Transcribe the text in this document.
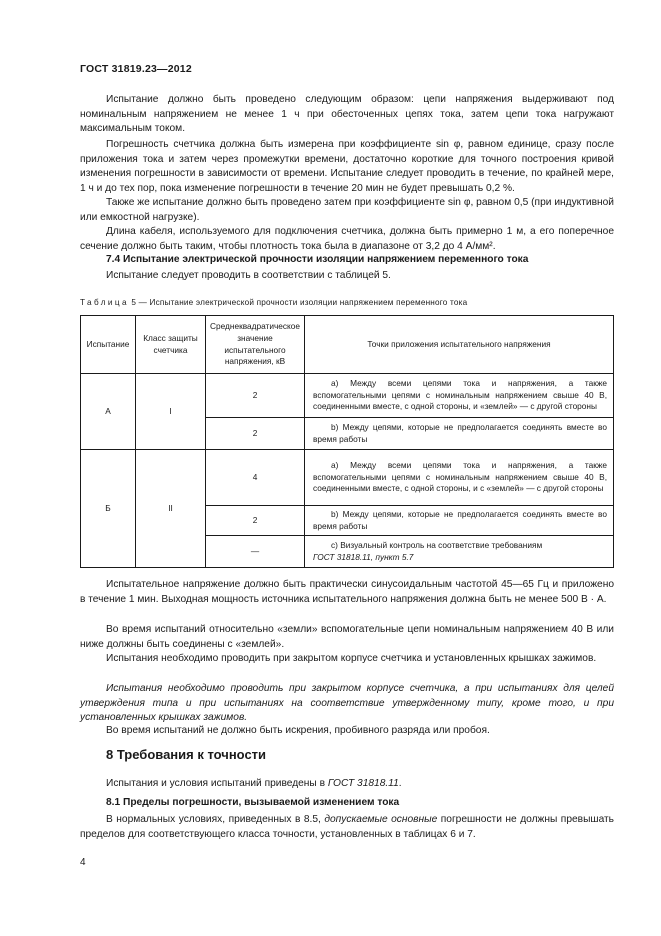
ГОСТ 31819.23—2012

Испытание должно быть проведено следующим образом: цепи напряжения выдерживают под номинальным напряжением не менее 1 ч при обесточенных цепях тока, затем цепи тока нагружают максимальным током.

Погрешность счетчика должна быть измерена при коэффициенте sin φ, равном единице, сразу после приложения тока и затем через промежутки времени, достаточно короткие для точного построения кривой изменения погрешности в зависимости от времени. Испытание следует проводить в течение, по крайней мере, 1 ч и до тех пор, пока изменение погрешности в течение 20 мин не будет превышать 0,2 %.

Также же испытание должно быть проведено затем при коэффициенте sin φ, равном 0,5 (при индуктивной или емкостной нагрузке).

Длина кабеля, используемого для подключения счетчика, должна быть примерно 1 м, а его поперечное сечение должно быть таким, чтобы плотность тока была в диапазоне от 3,2 до 4 А/мм².

7.4 Испытание электрической прочности изоляции напряжением переменного тока

Испытание следует проводить в соответствии с таблицей 5.

Таблица 5 — Испытание электрической прочности изоляции напряжением переменного тока
Испытание	Класс защиты счетчика	Среднеквадратическое значение испытательного напряжения, кВ	Точки приложения испытательного напряжения
А	I	2	а) Между всеми цепями тока и напряжения, а также вспомогательными цепями с номинальным напряжением свыше 40 В, соединенными вместе, с одной стороны, и «землей» — с другой стороны
		2	b) Между цепями, которые не предполагается соединять вместе во время работы
Б	II	4	а) Между всеми цепями тока и напряжения, а также вспомогательными цепями с номинальным напряжением свыше 40 В, соединенными вместе, с одной стороны, и с «землей» — с другой стороны
		2	b) Между цепями, которые не предполагается соединять вместе во время работы
		—	с) Визуальный контроль на соответствие требованиям
ГОСТ 31818.11, пункт 5.7

Испытательное напряжение должно быть практически синусоидальным частотой 45—65 Гц и приложено в течение 1 мин. Выходная мощность источника испытательного напряжения должна быть не менее 500 В · А.

Во время испытаний относительно «земли» вспомогательные цепи номинальным напряжением 40 В или ниже должны быть соединены с «землей».

Испытания необходимо проводить при закрытом корпусе счетчика и установленных крышках зажимов.

Испытания необходимо проводить при закрытом корпусе счетчика, а при испытаниях для целей утверждения типа и при испытаниях на соответствие утвержденному типу, кроме того, и при установленных крышках зажимов.

Во время испытаний не должно быть искрения, пробивного разряда или пробоя.

8 Требования к точности

Испытания и условия испытаний приведены в ГОСТ 31818.11.

8.1 Пределы погрешности, вызываемой изменением тока

В нормальных условиях, приведенных в 8.5, допускаемые основные погрешности не должны превышать пределов для соответствующего класса точности, установленных в таблицах 6 и 7.

4
